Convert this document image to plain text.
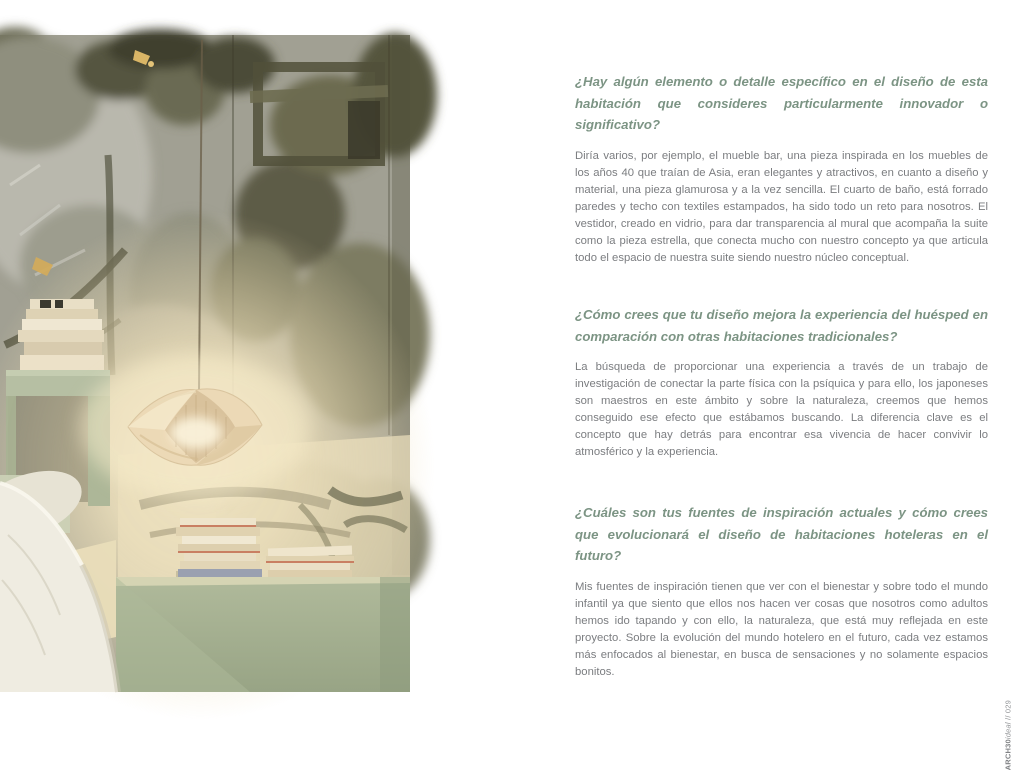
¿Hay algún elemento o detalle específico en el diseño de esta habitación que consideres particularmente innovador o significativo?

Diría varios, por ejemplo, el mueble bar, una pieza inspirada en los muebles de los años 40 que traían de Asia, eran elegantes y atractivos, en cuanto a diseño y material, una pieza glamurosa y a la vez sencilla. El cuarto de baño, está forrado paredes y techo con textiles estampados, ha sido todo un reto para nosotros. El vestidor, creado en vidrio, para dar transparencia al mural que acompaña la suite como la pieza estrella, que conecta mucho con nuestro concepto ya que articula todo el espacio de nuestra suite siendo nuestro núcleo conceptual.

¿Cómo crees que tu diseño mejora la experiencia del huésped en comparación con otras habitaciones tradicionales?

La búsqueda de proporcionar una experiencia a través de un trabajo de investigación de conectar la parte física con la psíquica y para ello, los japoneses son maestros en este ámbito y sobre la naturaleza, creemos que hemos conseguido ese efecto que estábamos buscando. La diferencia clave es el concepto que hay detrás para encontrar esa vivencia de hacer convivir lo atmosférico y la experiencia.

¿Cuáles son tus fuentes de inspiración actuales y cómo crees que evolucionará el diseño de habitaciones hoteleras en el futuro?

Mis fuentes de inspiración tienen que ver con el bienestar y sobre todo el mundo infantil ya que siento que ellos nos hacen ver cosas que nosotros como adultos hemos ido tapando y con ello, la naturaleza, que está muy reflejada en este proyecto. Sobre la evolución del mundo hotelero en el futuro, cada vez estamos más enfocados al bienestar, en busca de sensaciones y no solamente espacios bonitos.

ARCH30ideal // 029
